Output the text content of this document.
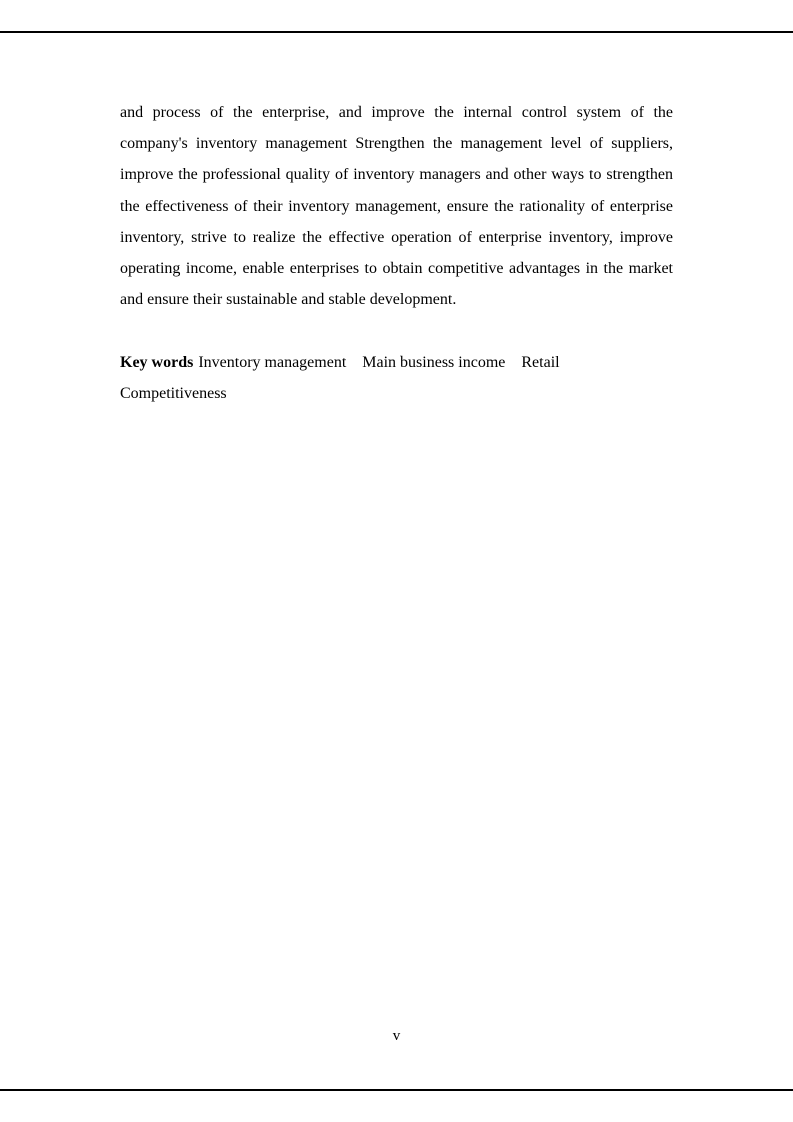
and process of the enterprise, and improve the internal control system of the
company's inventory management Strengthen the management level of suppliers,
improve the professional quality of inventory managers and other ways to strengthen
the effectiveness of their inventory management, ensure the rationality of enterprise
inventory, strive to realize the effective operation of enterprise inventory, improve
operating income, enable enterprises to obtain competitive advantages in the market
and ensure their sustainable and stable development.
Key words Inventory management Main business income Retail
Competitiveness
v
